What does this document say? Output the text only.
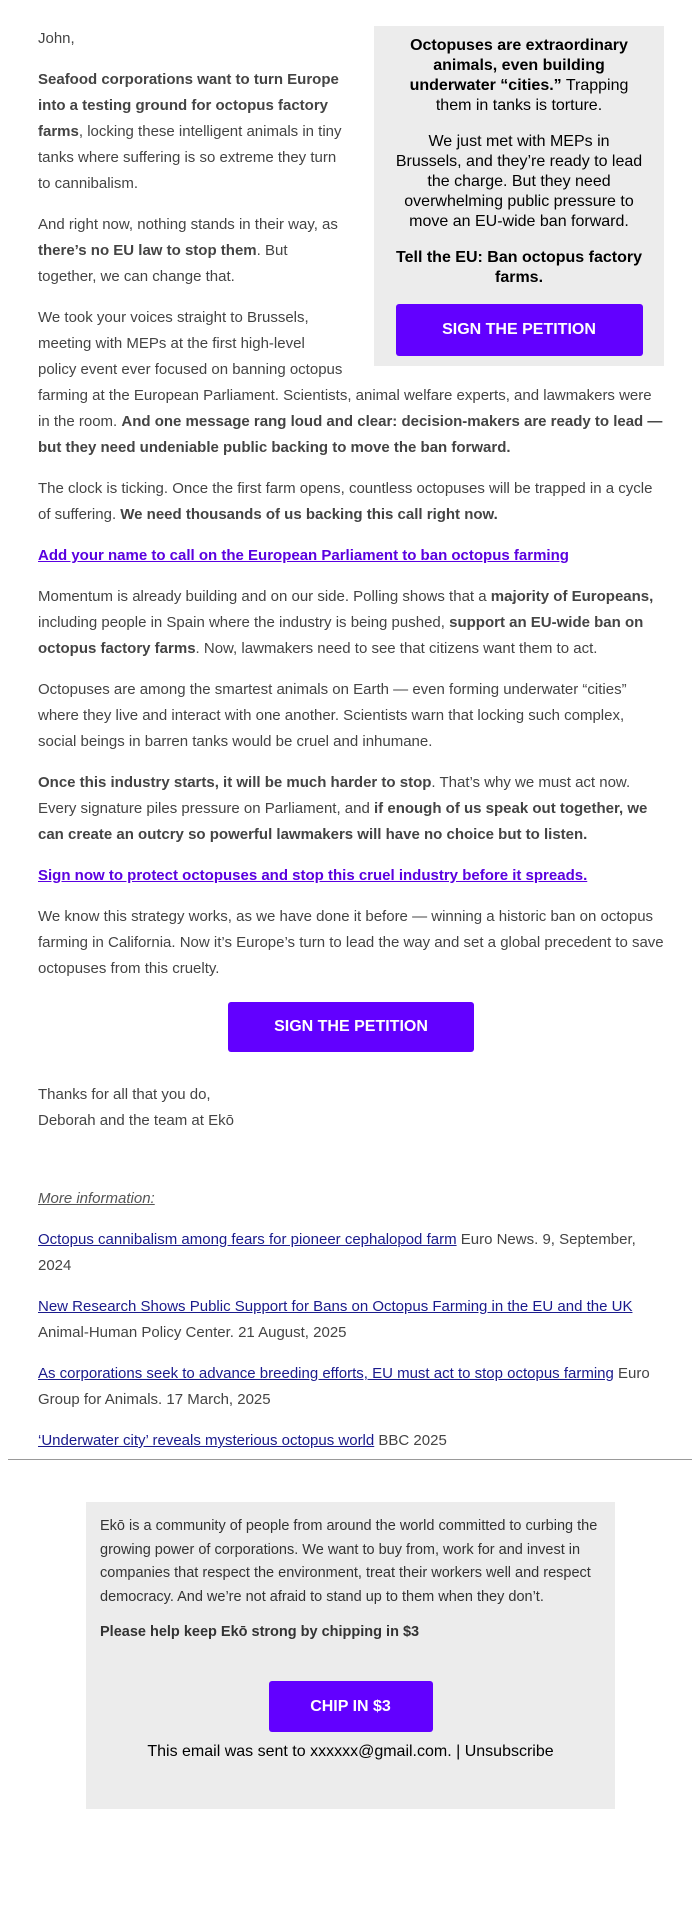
Octopuses are extraordinary animals, even building underwater “cities.” Trapping them in tanks is torture.

We just met with MEPs in Brussels, and they’re ready to lead the charge. But they need overwhelming public pressure to move an EU-wide ban forward.

Tell the EU: Ban octopus factory farms.

SIGN THE PETITION

John,

Seafood corporations want to turn Europe into a testing ground for octopus factory farms, locking these intelligent animals in tiny tanks where suffering is so extreme they turn to cannibalism.

And right now, nothing stands in their way, as there’s no EU law to stop them. But together, we can change that.

We took your voices straight to Brussels, meeting with MEPs at the first high-level policy event ever focused on banning octopus farming at the European Parliament. Scientists, animal welfare experts, and lawmakers were in the room. And one message rang loud and clear: decision-makers are ready to lead — but they need undeniable public backing to move the ban forward.

The clock is ticking. Once the first farm opens, countless octopuses will be trapped in a cycle of suffering. We need thousands of us backing this call right now.

Add your name to call on the European Parliament to ban octopus farming

Momentum is already building and on our side. Polling shows that a majority of Europeans, including people in Spain where the industry is being pushed, support an EU-wide ban on octopus factory farms. Now, lawmakers need to see that citizens want them to act.

Octopuses are among the smartest animals on Earth — even forming underwater “cities” where they live and interact with one another. Scientists warn that locking such complex, social beings in barren tanks would be cruel and inhumane.

Once this industry starts, it will be much harder to stop. That’s why we must act now. Every signature piles pressure on Parliament, and if enough of us speak out together, we can create an outcry so powerful lawmakers will have no choice but to listen.

Sign now to protect octopuses and stop this cruel industry before it spreads.

We know this strategy works, as we have done it before — winning a historic ban on octopus farming in California. Now it’s Europe’s turn to lead the way and set a global precedent to save octopuses from this cruelty.

SIGN THE PETITION
Thanks for all that you do,
Deborah and the team at Ekō

More information:

Octopus cannibalism among fears for pioneer cephalopod farm Euro News. 9, September, 2024

New Research Shows Public Support for Bans on Octopus Farming in the EU and the UK Animal-Human Policy Center. 21 August, 2025

As corporations seek to advance breeding efforts, EU must act to stop octopus farming Euro Group for Animals. 17 March, 2025

‘Underwater city’ reveals mysterious octopus world BBC 2025

Ekō is a community of people from around the world committed to curbing the growing power of corporations. We want to buy from, work for and invest in companies that respect the environment, treat their workers well and respect democracy. And we’re not afraid to stand up to them when they don’t.

Please help keep Ekō strong by chipping in $3

CHIP IN $3
This email was sent to xxxxxx@gmail.com. | Unsubscribe
